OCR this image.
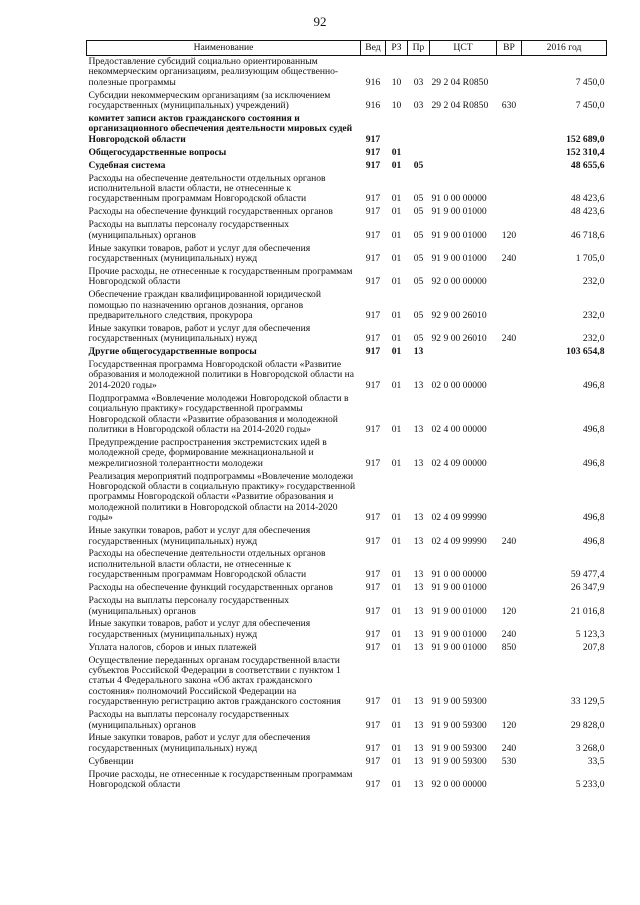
92
Наименование	Вед	РЗ	Пр	ЦСТ	ВР	2016 год
Предоставление субсидий социально ориентированным некоммерческим организациям, реализующим общественно-полезные программы	916	10	03	29 2 04 R0850		7 450,0
Субсидии некоммерческим организациям (за исключением государственных (муниципальных) учреждений)	916	10	03	29 2 04 R0850	630	7 450,0
комитет записи актов гражданского состояния и организационного обеспечения деятельности мировых судей Новгородской области	917					152 689,0
Общегосударственные вопросы	917	01				152 310,4
Судебная система	917	01	05			48 655,6
Расходы на обеспечение деятельности отдельных органов исполнительной власти области, не отнесенные к государственным программам Новгородской области	917	01	05	91 0 00 00000		48 423,6
Расходы на обеспечение функций государственных органов	917	01	05	91 9 00 01000		48 423,6
Расходы на выплаты персоналу государственных (муниципальных) органов	917	01	05	91 9 00 01000	120	46 718,6
Иные закупки товаров, работ и услуг для обеспечения государственных (муниципальных) нужд	917	01	05	91 9 00 01000	240	1 705,0
Прочие расходы, не отнесенные к государственным программам Новгородской области	917	01	05	92 0 00 00000		232,0
Обеспечение граждан квалифицированной юридической помощью по назначению органов дознания, органов предварительного следствия, прокурора	917	01	05	92 9 00 26010		232,0
Иные закупки товаров, работ и услуг для обеспечения государственных (муниципальных) нужд	917	01	05	92 9 00 26010	240	232,0
Другие общегосударственные вопросы	917	01	13			103 654,8
Государственная программа Новгородской области «Развитие образования и молодежной политики в Новгородской области на 2014-2020 годы»	917	01	13	02 0 00 00000		496,8
Подпрограмма «Вовлечение молодежи Новгородской области в социальную практику» государственной программы Новгородской области «Развитие образования и молодежной политики в Новгородской области на 2014-2020 годы»	917	01	13	02 4 00 00000		496,8
Предупреждение распространения экстремистских идей в молодежной среде, формирование межнациональной и межрелигиозной толерантности молодежи	917	01	13	02 4 09 00000		496,8
Реализация мероприятий подпрограммы «Вовлечение молодежи Новгородской области в социальную практику» государственной программы Новгородской области «Развитие образования и молодежной политики в Новгородской области на 2014-2020 годы»	917	01	13	02 4 09 99990		496,8
Иные закупки товаров, работ и услуг для обеспечения государственных (муниципальных) нужд	917	01	13	02 4 09 99990	240	496,8
Расходы на обеспечение деятельности отдельных органов исполнительной власти области, не отнесенные к государственным программам Новгородской области	917	01	13	91 0 00 00000		59 477,4
Расходы на обеспечение функций государственных органов	917	01	13	91 9 00 01000		26 347,9
Расходы на выплаты персоналу государственных (муниципальных) органов	917	01	13	91 9 00 01000	120	21 016,8
Иные закупки товаров, работ и услуг для обеспечения государственных (муниципальных) нужд	917	01	13	91 9 00 01000	240	5 123,3
Уплата налогов, сборов и иных платежей	917	01	13	91 9 00 01000	850	207,8
Осуществление переданных органам государственной власти субъектов Российской Федерации в соответствии с пунктом 1 статьи 4 Федерального закона «Об актах гражданского состояния» полномочий Российской Федерации на государственную регистрацию актов гражданского состояния	917	01	13	91 9 00 59300		33 129,5
Расходы на выплаты персоналу государственных (муниципальных) органов	917	01	13	91 9 00 59300	120	29 828,0
Иные закупки товаров, работ и услуг для обеспечения государственных (муниципальных) нужд	917	01	13	91 9 00 59300	240	3 268,0
Субвенции	917	01	13	91 9 00 59300	530	33,5
Прочие расходы, не отнесенные к государственным программам Новгородской области	917	01	13	92 0 00 00000		5 233,0
